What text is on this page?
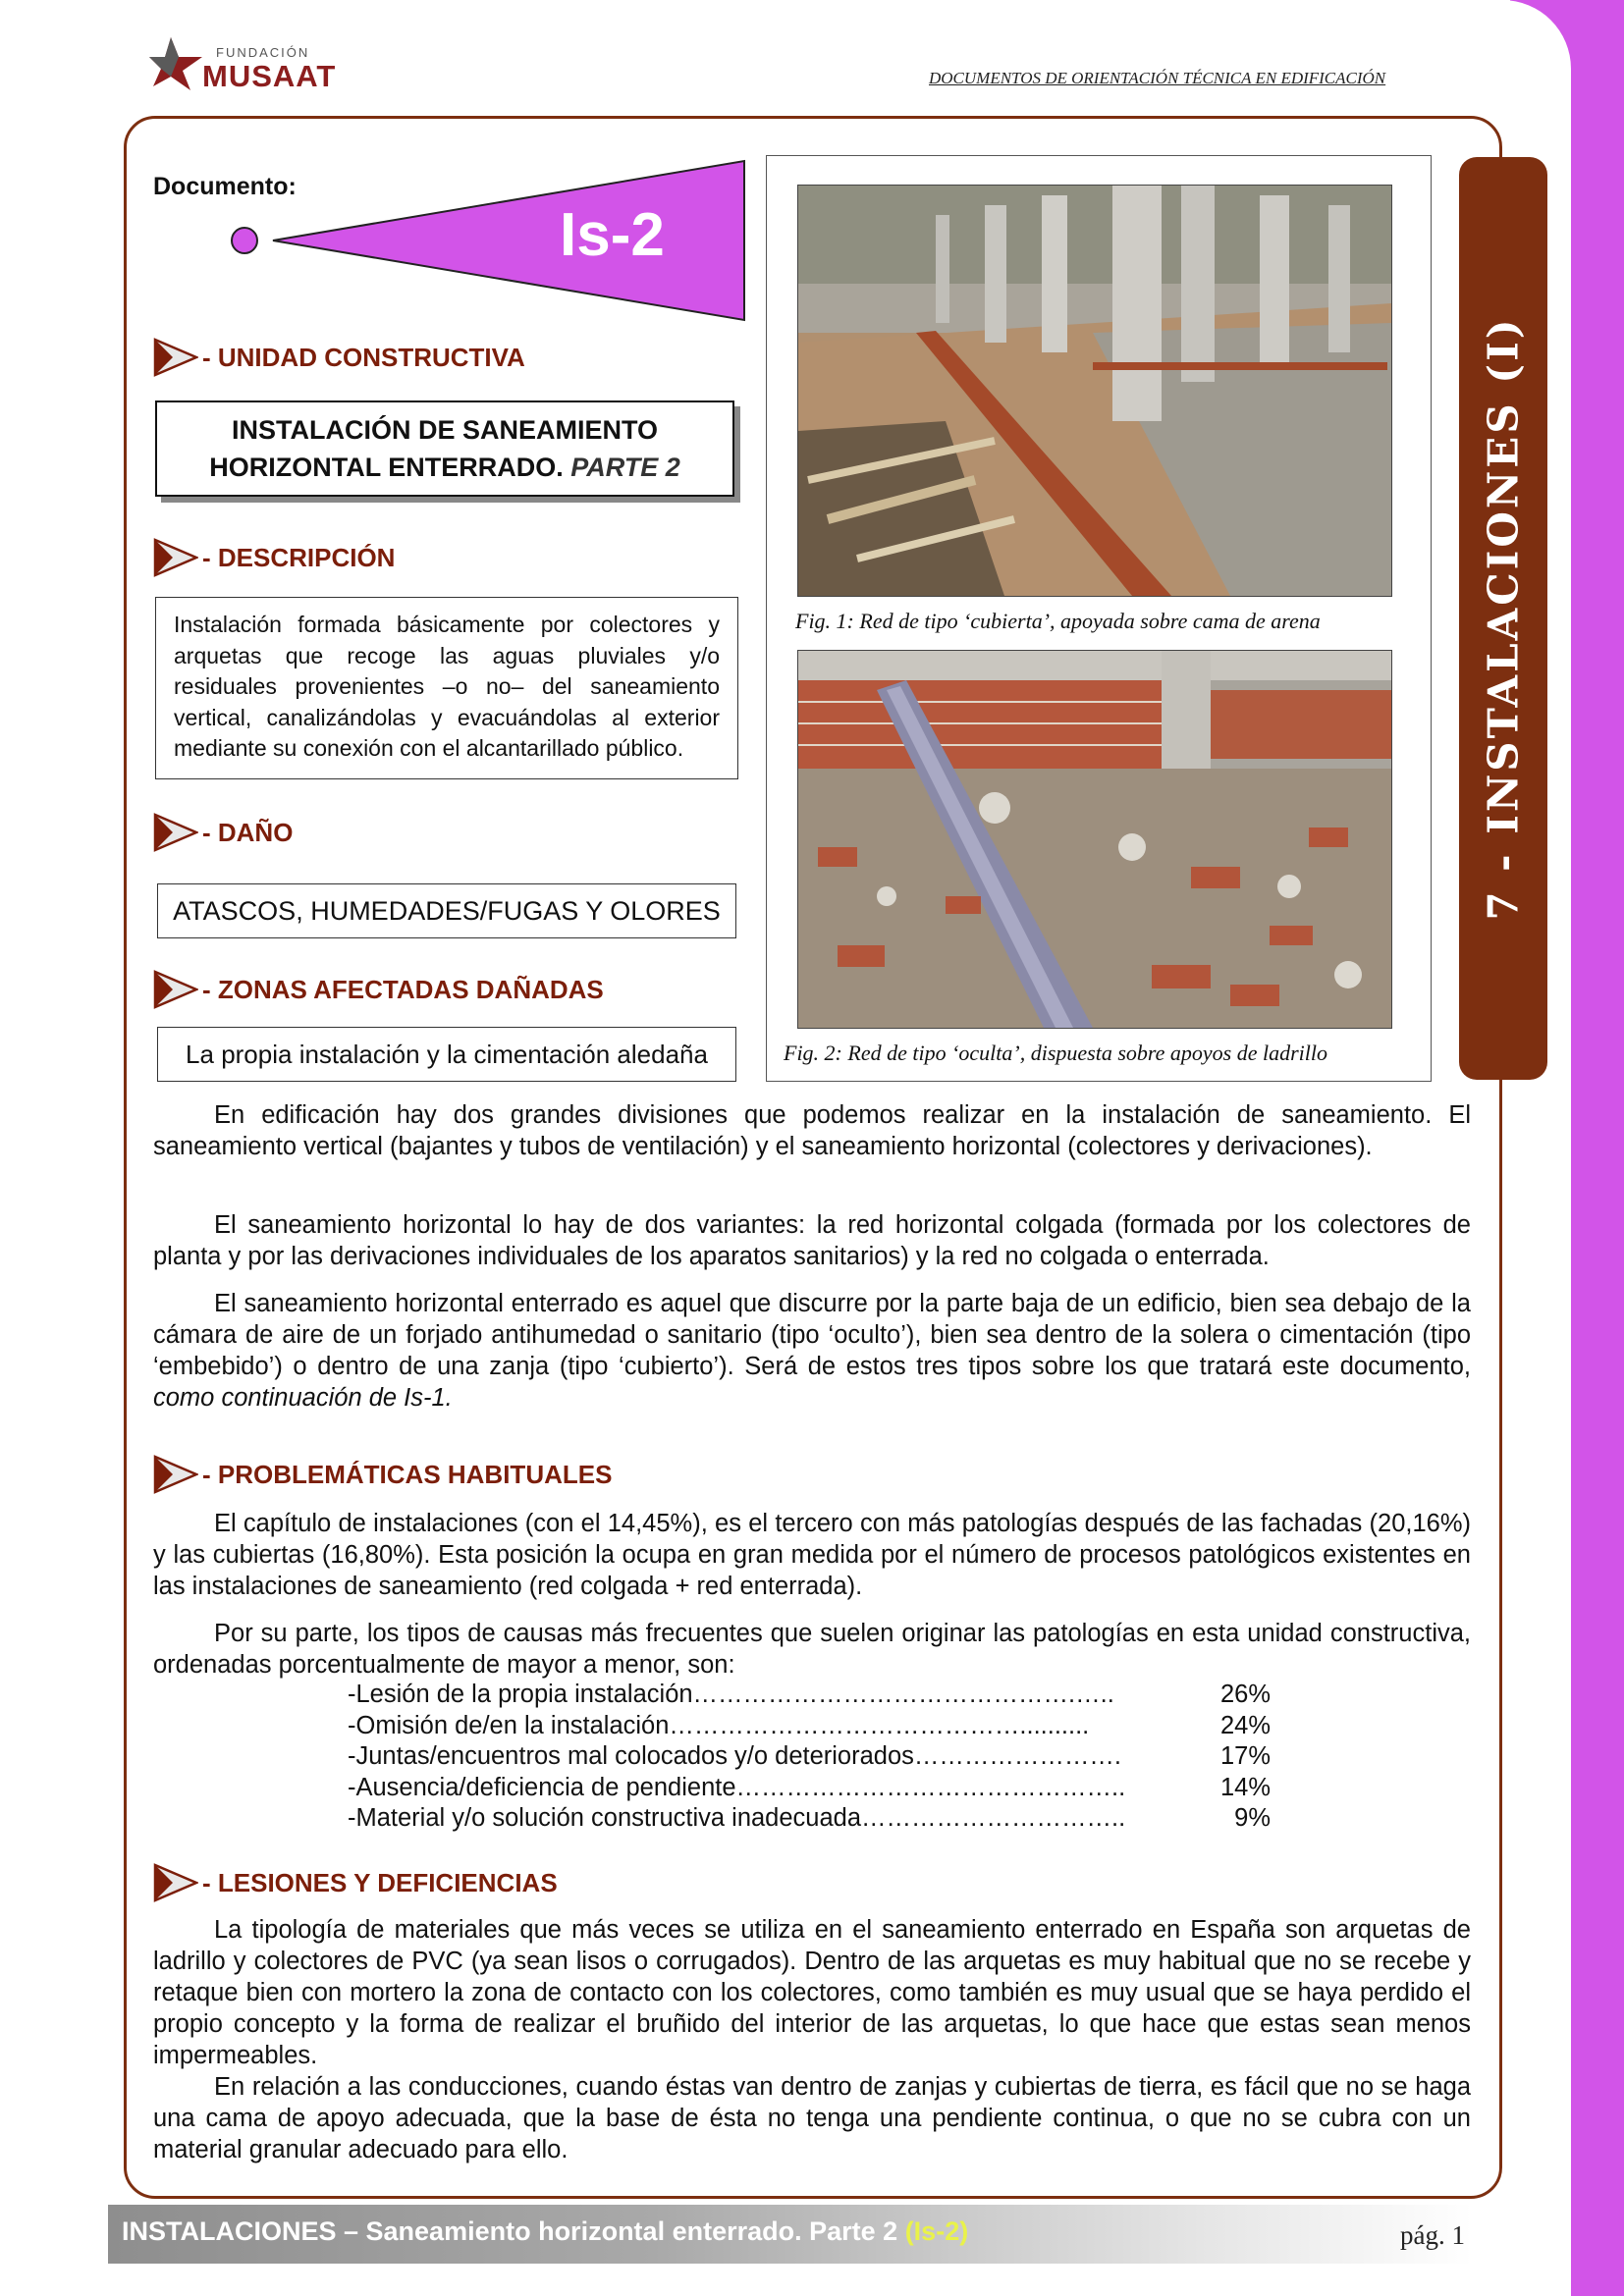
FUNDACIÓN
MUSAAT	DOCUMENTOS DE ORIENTACIÓN TÉCNICA EN EDIFICACIÓN
Documento:
Is-2
- UNIDAD CONSTRUCTIVA
INSTALACIÓN DE SANEAMIENTO
HORIZONTAL ENTERRADO. PARTE 2
- DESCRIPCIÓN
Instalación formada básicamente por colectores y arquetas que recoge las aguas pluviales y/o residuales provenientes –o no– del saneamiento vertical, canalizándolas y evacuándolas al exterior mediante su conexión con el alcantarillado público.
- DAÑO
ATASCOS, HUMEDADES/FUGAS Y OLORES
- ZONAS AFECTADAS DAÑADAS
La propia instalación y la cimentación aledaña
Fig. 1: Red de tipo ‘cubierta’, apoyada sobre cama de arena
Fig. 2: Red de tipo ‘oculta’, dispuesta sobre apoyos de ladrillo
7 - INSTALACIONES (I)
En edificación hay dos grandes divisiones que podemos realizar en la instalación de saneamiento. El saneamiento vertical (bajantes y tubos de ventilación) y el saneamiento horizontal (colectores y derivaciones).
El saneamiento horizontal lo hay de dos variantes: la red horizontal colgada (formada por los colectores de planta y por las derivaciones individuales de los aparatos sanitarios) y la red no colgada o enterrada.
El saneamiento horizontal enterrado es aquel que discurre por la parte baja de un edificio, bien sea debajo de la cámara de aire de un forjado antihumedad o sanitario (tipo ‘oculto’), bien sea dentro de la solera o cimentación (tipo ‘embebido’) o dentro de una zanja (tipo ‘cubierto’). Será de estos tres tipos sobre los que tratará este documento, como continuación de Is-1.
- PROBLEMÁTICAS HABITUALES
El capítulo de instalaciones (con el 14,45%), es el tercero con más patologías después de las fachadas (20,16%) y las cubiertas (16,80%). Esta posición la ocupa en gran medida por el número de procesos patológicos existentes en las instalaciones de saneamiento (red colgada + red enterrada).
Por su parte, los tipos de causas más frecuentes que suelen originar las patologías en esta unidad constructiva, ordenadas porcentualmente de mayor a menor, son:
-Lesión de la propia instalación……………………………………….…..	26%
-Omisión de/en la instalación……………………………………..........	24%
-Juntas/encuentros mal colocados y/o deteriorados…………………….	17%
-Ausencia/deficiencia de pendiente………………………………………..	14%
-Material y/o solución constructiva inadecuada…………………………..	9%
- LESIONES Y DEFICIENCIAS
La tipología de materiales que más veces se utiliza en el saneamiento enterrado en España son arquetas de ladrillo y colectores de PVC (ya sean lisos o corrugados). Dentro de las arquetas es muy habitual que no se recebe y retaque bien con mortero la zona de contacto con los colectores, como también es muy usual que se haya perdido el propio concepto y la forma de realizar el bruñido del interior de las arquetas, lo que hace que estas sean menos impermeables.
En relación a las conducciones, cuando éstas van dentro de zanjas y cubiertas de tierra, es fácil que no se haga una cama de apoyo adecuada, que la base de ésta no tenga una pendiente continua, o que no se cubra con un material granular adecuado para ello.
INSTALACIONES – Saneamiento horizontal enterrado. Parte 2 (Is-2)	pág. 1
